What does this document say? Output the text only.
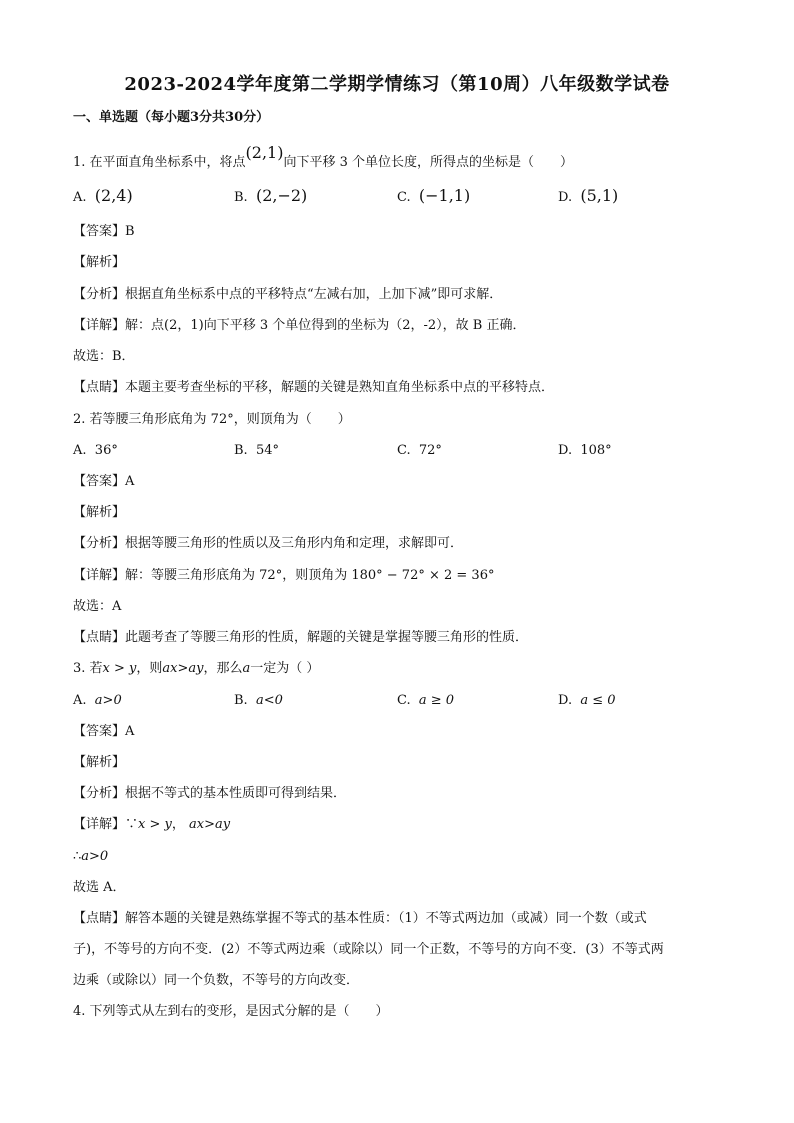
2023-2024学年度第二学期学情练习（第10周）八年级数学试卷
一、单选题（每小题3分共30分）
1. 在平面直角坐标系中，将点(2,1)向下平移 3 个单位长度，所得点的坐标是（　　）
A. (2,4)	B. (2,−2)	C. (−1,1)	D. (5,1)
【答案】B
【解析】
【分析】根据直角坐标系中点的平移特点“左减右加，上加下减”即可求解．
【详解】解：点(2，1)向下平移 3 个单位得到的坐标为（2，-2），故 B 正确．
故选：B．
【点睛】本题主要考查坐标的平移，解题的关键是熟知直角坐标系中点的平移特点．
2. 若等腰三角形底角为 72°，则顶角为（　　）
A. 36°	B. 54°	C. 72°	D. 108°
【答案】A
【解析】
【分析】根据等腰三角形的性质以及三角形内角和定理，求解即可．
【详解】解：等腰三角形底角为 72°，则顶角为 180° − 72° × 2 = 36°
故选：A
【点睛】此题考查了等腰三角形的性质，解题的关键是掌握等腰三角形的性质．
3. 若x > y，则ax>ay，那么a一定为（ ）
A. a>0	B. a<0	C. a ≥ 0	D. a ≤ 0
【答案】A
【解析】
【分析】根据不等式的基本性质即可得到结果．
【详解】∵x > y， ax>ay
∴a>0
故选 A．
【点睛】解答本题的关键是熟练掌握不等式的基本性质：（1）不等式两边加（或减）同一个数（或式
子)，不等号的方向不变．(2）不等式两边乘（或除以）同一个正数，不等号的方向不变．(3）不等式两
边乘（或除以）同一个负数，不等号的方向改变．
4. 下列等式从左到右的变形，是因式分解的是（　　）
